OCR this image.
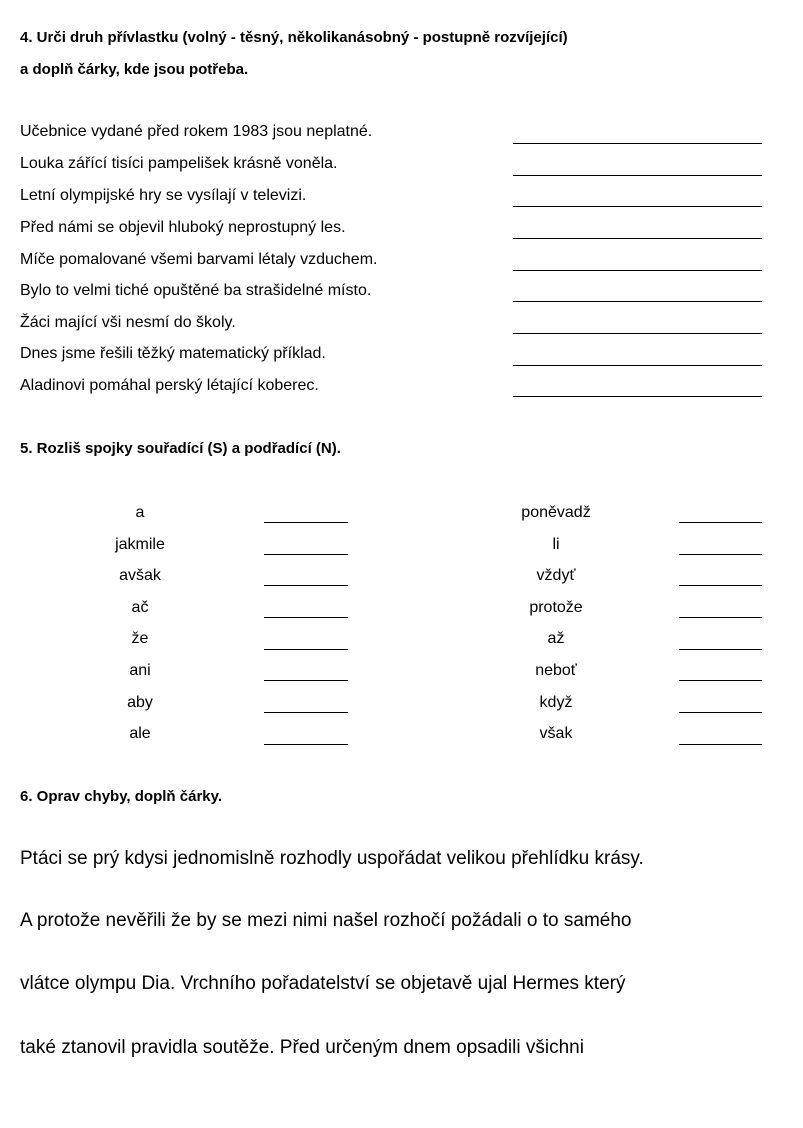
4. Urči druh přívlastku (volný - těsný, několikanásobný - postupně rozvíjející)
a doplň čárky, kde jsou potřeba.
Učebnice vydané před rokem 1983 jsou neplatné.
Louka zářící tisíci pampelišek krásně voněla.
Letní olympijské hry se vysílají v televizi.
Před námi se objevil hluboký neprostupný les.
Míče pomalované všemi barvami létaly vzduchem.
Bylo to velmi tiché opuštěné ba strašidelné místo.
Žáci mající vši nesmí do školy.
Dnes jsme řešili těžký matematický příklad.
Aladinovi pomáhal perský létající koberec.
5. Rozliš spojky souřadící (S) a podřadící (N).
a
jakmile
avšak
ač
že
ani
aby
ale
poněvadž
li
vždyť
protože
až
neboť
když
však
6. Oprav chyby, doplň čárky.
Ptáci se prý kdysi jednomislně rozhodly uspořádat velikou přehlídku krásy.
A protože nevěřili že by se mezi nimi našel rozhočí požádali o to samého
vlátce olympu Dia. Vrchního pořadatelství se objetavě ujal Hermes který
také ztanovil pravidla soutěže. Před určeným dnem opsadili všichni
